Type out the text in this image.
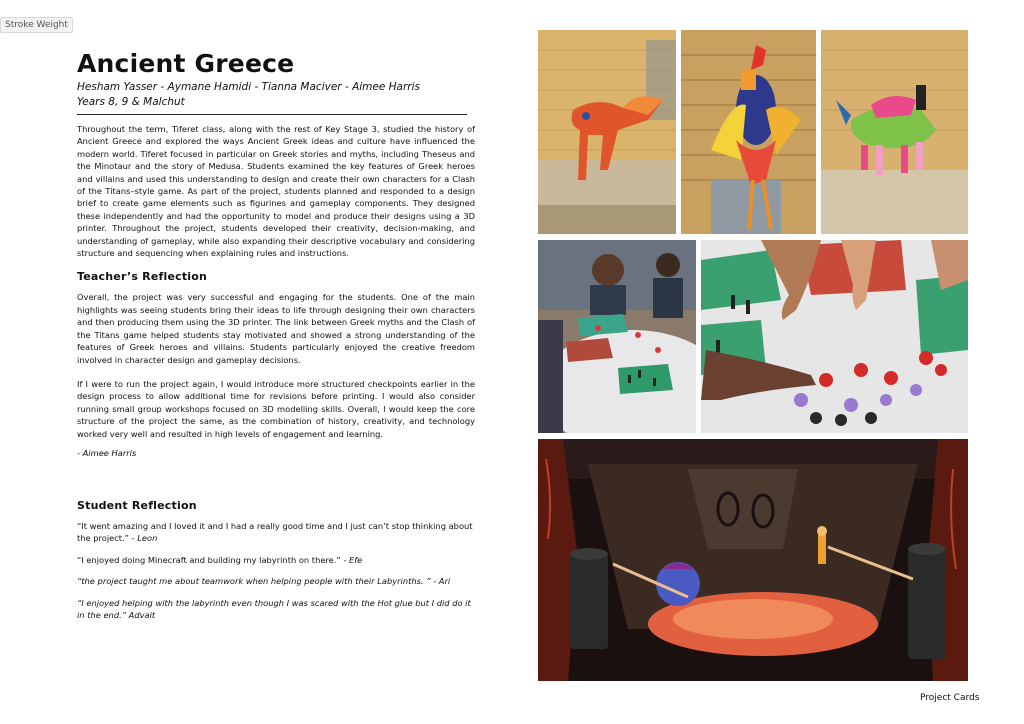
Stroke Weight
Ancient Greece
Hesham Yasser - Aymane Hamidi - Tianna Maciver - Aimee Harris
Years 8, 9 & Malchut

Throughout the term, Tiferet class, along with the rest of Key Stage 3, studied the history of Ancient Greece and explored the ways Ancient Greek ideas and culture have influenced the modern world. Tiferet focused in particular on Greek stories and myths, including Theseus and the Minotaur and the story of Medusa. Students examined the key features of Greek heroes and villains and used this understanding to design and create their own characters for a Clash of the Titans–style game. As part of the project, students planned and responded to a design brief to create game elements such as figurines and gameplay components. They designed these independently and had the opportunity to model and produce their designs using a 3D printer. Throughout the project, students developed their creativity, decision-making, and understanding of gameplay, while also expanding their descriptive vocabulary and considering structure and sequencing when explaining rules and instructions.

Teacher’s Reflection

Overall, the project was very successful and engaging for the students. One of the main highlights was seeing students bring their ideas to life through designing their own characters and then producing them using the 3D printer. The link between Greek myths and the Clash of the Titans game helped students stay motivated and showed a strong understanding of the features of Greek heroes and villains. Students particularly enjoyed the creative freedom involved in character design and gameplay decisions.

If I were to run the project again, I would introduce more structured checkpoints earlier in the design process to allow additional time for revisions before printing. I would also consider running small group workshops focused on 3D modelling skills. Overall, I would keep the core structure of the project the same, as the combination of history, creativity, and technology worked very well and resulted in high levels of engagement and learning.

- Aimee Harris
Student Reflection

“It went amazing and I loved it and I had a really good time and I just can’t stop thinking about the project.” - Leon

“I enjoyed doing Minecraft and building my labyrinth on there.” - Efe

“the project taught me about teamwork when helping people with their Labyrinths. ” - Ari

“I enjoyed helping with the labyrinth even though I was scared with the Hot glue but I did do it in the end.” Advait

Project Cards
